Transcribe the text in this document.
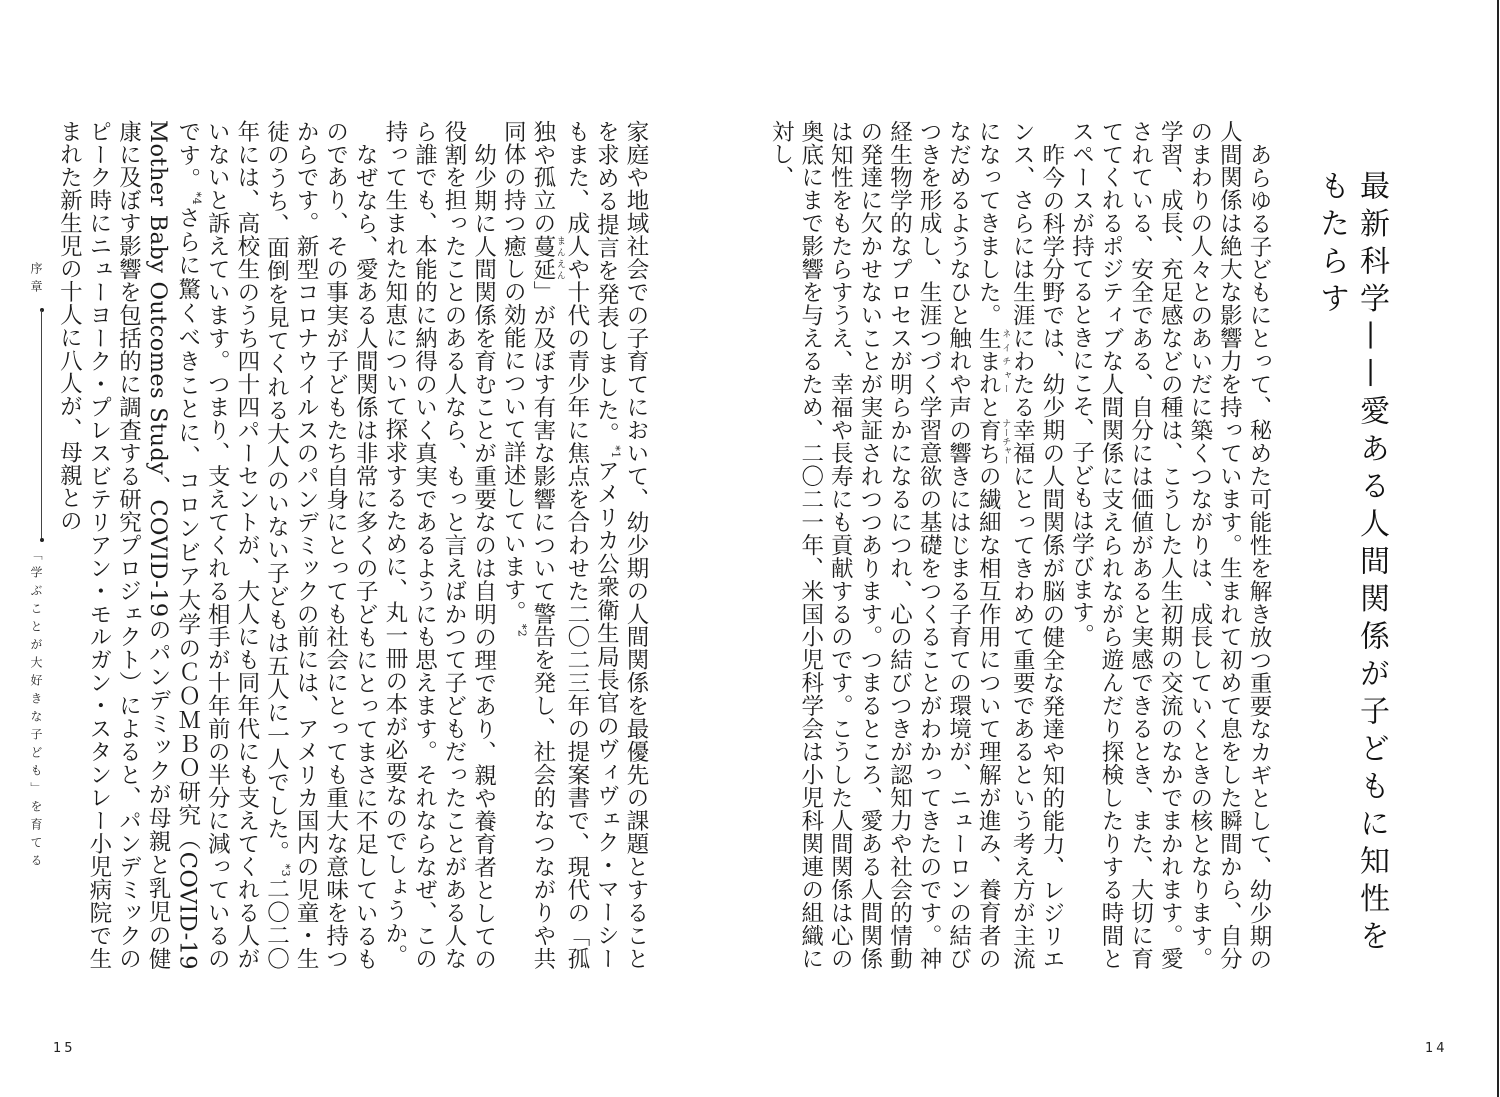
最新科学——愛ある人間関係が子どもに知性をもたらす

あらゆる子どもにとって、秘めた可能性を解き放つ重要なカギとして、幼少期の人間関係は絶大な影響力を持っています。生まれて初めて息をした瞬間から、自分のまわりの人々とのあいだに築くつながりは、成長していくときの核となります。学習、成長、充足感などの種は、こうした人生初期の交流のなかでまかれます。愛されている、安全である、自分には価値があると実感できるとき、また、大切に育ててくれるポジティブな人間関係に支えられながら遊んだり探検したりする時間とスペースが持てるときにこそ、子どもは学びます。

昨今の科学分野では、幼少期の人間関係が脳の健全な発達や知的能力、レジリエンス、さらには生涯にわたる幸福にとってきわめて重要であるという考え方が主流になってきました。生まれ ネイチャーと育ち ナーチャーの繊細な相互作用について理解が進み、養育者のなだめるようなひと触れや声の響きにはじまる子育ての環境が、ニューロンの結びつきを形成し、生涯つづく学習意欲の基礎をつくることがわかってきたのです。神経生物学的なプロセスが明らかになるにつれ、心の結びつきが認知力や社会的情動の発達に欠かせないことが実証されつつあります。つまるところ、愛ある人間関係は知性をもたらすうえ、幸福や長寿にも貢献するのです。こうした人間関係は心の奥底にまで影響を与えるため、二〇二一年、米国小児科学会は小児科関連の組織に対し、

14

家庭や地域社会での子育てにおいて、幼少期の人間関係を最優先の課題とすることを求める提言を発表しました。$^{*1}$アメリカ公衆衛生局長官のヴィヴェク・マーシーもまた、成人や十代の青少年に焦点を合わせた二〇二三年の提案書で、現代の「孤独や孤立の蔓延 まんえん」が及ぼす有害な影響について警告を発し、社会的なつながりや共同体の持つ癒しの効能について詳述しています。$^{*2}$

幼少期に人間関係を育むことが重要なのは自明の理であり、親や養育者としての役割を担ったことのある人なら、もっと言えばかつて子どもだったことがある人なら誰でも、本能的に納得のいく真実であるようにも思えます。それならなぜ、この持って生まれた知恵について探求するために、丸一冊の本が必要なのでしょうか。

なぜなら、愛ある人間関係は非常に多くの子どもにとってまさに不足しているものであり、その事実が子どもたち自身にとっても社会にとっても重大な意味を持つからです。新型コロナウイルスのパンデミックの前には、アメリカ国内の児童・生徒のうち、面倒を見てくれる大人のいない子どもは五人に一人でした。$^{*3}$二〇二〇年には、高校生のうち四十四パーセントが、大人にも同年代にも支えてくれる人がいないと訴えています。つまり、支えてくれる相手が十年前の半分に減っているのです。$^{*4}$さらに驚くべきことに、コロンビア大学のＣＯＭＢＯ研究（COVID-19 Mother Baby Outcomes Study、COVID-19のパンデミックが母親と乳児の健康に及ぼす影響を包括的に調査する研究プロジェクト）によると、パンデミックのピーク時にニューヨーク・プレスビテリアン・モルガン・スタンレー小児病院で生まれた新生児の十人に八人が、母親との

序章
「学ぶことが大好きな子ども」を育てる
15
